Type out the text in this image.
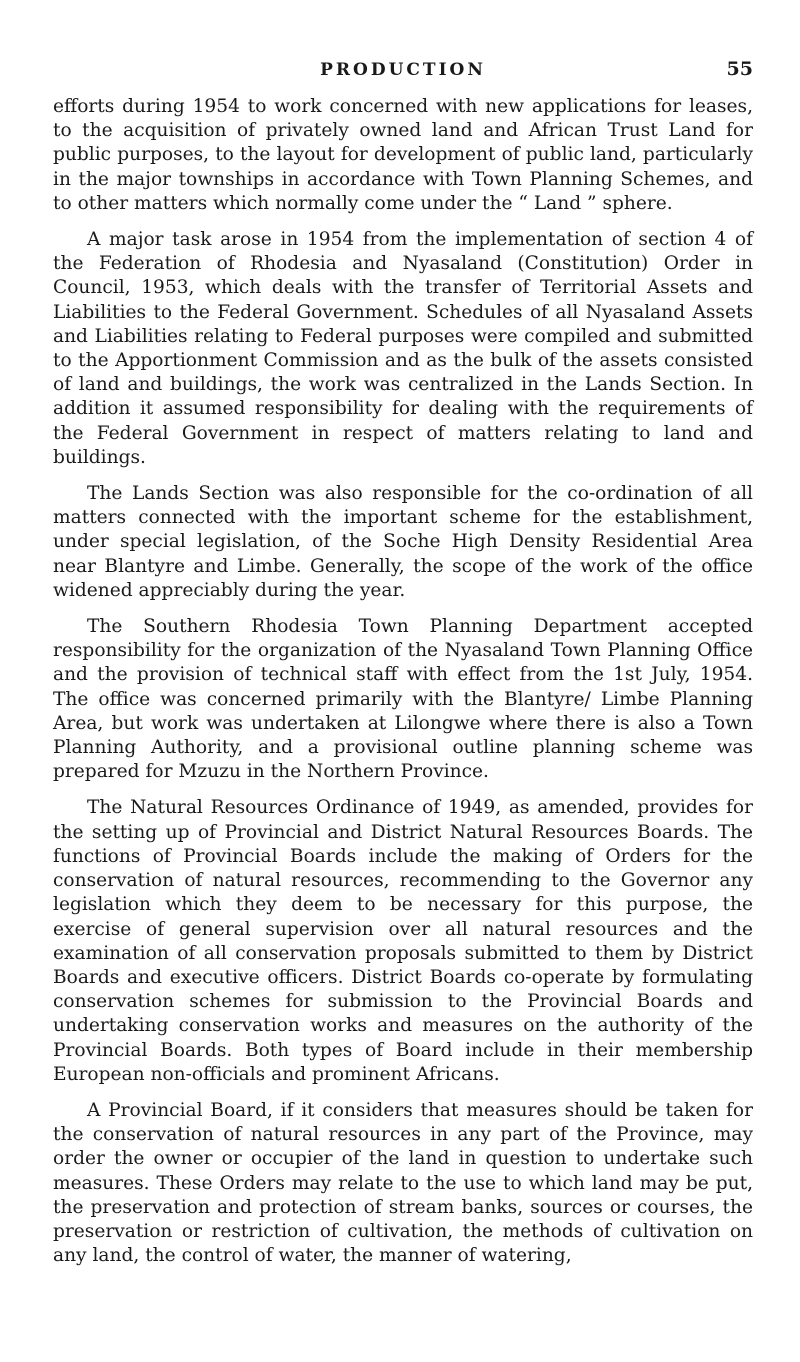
PRODUCTION	55

efforts during 1954 to work concerned with new applications for leases, to the acquisition of privately owned land and African Trust Land for public purposes, to the layout for development of public land, particularly in the major townships in accordance with Town Planning Schemes, and to other matters which normally come under the “ Land ” sphere.

A major task arose in 1954 from the implementation of section 4 of the Federation of Rhodesia and Nyasaland (Constitution) Order in Council, 1953, which deals with the transfer of Territorial Assets and Liabilities to the Federal Government. Schedules of all Nyasaland Assets and Liabilities relating to Federal purposes were compiled and submitted to the Apportionment Commission and as the bulk of the assets consisted of land and buildings, the work was centralized in the Lands Section. In addition it assumed responsibility for dealing with the requirements of the Federal Government in respect of matters relating to land and buildings.

The Lands Section was also responsible for the co-ordination of all matters connected with the important scheme for the establishment, under special legislation, of the Soche High Density Residential Area near Blantyre and Limbe. Generally, the scope of the work of the office widened appreciably during the year.

The Southern Rhodesia Town Planning Department accepted responsibility for the organization of the Nyasaland Town Planning Office and the provision of technical staff with effect from the 1st July, 1954. The office was concerned primarily with the Blantyre/ Limbe Planning Area, but work was undertaken at Lilongwe where there is also a Town Planning Authority, and a provisional outline planning scheme was prepared for Mzuzu in the Northern Province.

The Natural Resources Ordinance of 1949, as amended, provides for the setting up of Provincial and District Natural Resources Boards. The functions of Provincial Boards include the making of Orders for the conservation of natural resources, recommending to the Governor any legislation which they deem to be necessary for this purpose, the exercise of general supervision over all natural resources and the examination of all conservation proposals submitted to them by District Boards and executive officers. District Boards co-operate by formulating conservation schemes for submission to the Provincial Boards and undertaking conservation works and measures on the authority of the Provincial Boards. Both types of Board include in their membership European non-officials and prominent Africans.

A Provincial Board, if it considers that measures should be taken for the conservation of natural resources in any part of the Province, may order the owner or occupier of the land in question to undertake such measures. These Orders may relate to the use to which land may be put, the preservation and protection of stream banks, sources or courses, the preservation or restriction of cultivation, the methods of cultivation on any land, the control of water, the manner of watering,
